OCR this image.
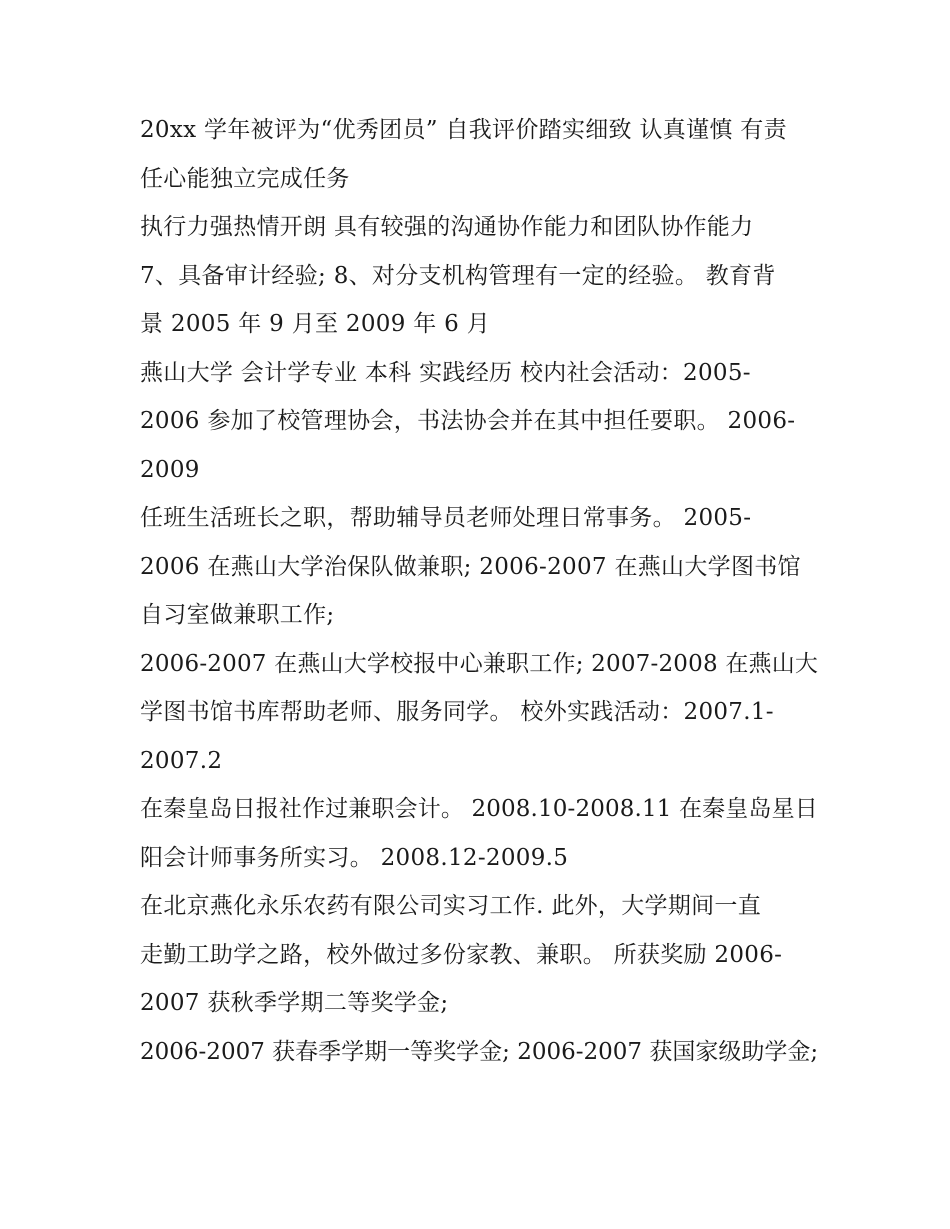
20xx 学年被评为“优秀团员” 自我评价踏实细致 认真谨慎 有责
任心能独立完成任务
执行力强热情开朗 具有较强的沟通协作能力和团队协作能力
7、具备审计经验; 8、对分支机构管理有一定的经验。 教育背
景 2005 年 9 月至 2009 年 6 月
燕山大学 会计学专业 本科 实践经历 校内社会活动：2005-
2006 参加了校管理协会，书法协会并在其中担任要职。 2006-
2009
任班生活班长之职，帮助辅导员老师处理日常事务。 2005-
2006 在燕山大学治保队做兼职; 2006-2007 在燕山大学图书馆
自习室做兼职工作;
2006-2007 在燕山大学校报中心兼职工作; 2007-2008 在燕山大
学图书馆书库帮助老师、服务同学。 校外实践活动：2007.1-
2007.2
在秦皇岛日报社作过兼职会计。 2008.10-2008.11 在秦皇岛星日
阳会计师事务所实习。 2008.12-2009.5
在北京燕化永乐农药有限公司实习工作. 此外，大学期间一直
走勤工助学之路，校外做过多份家教、兼职。 所获奖励 2006-
2007 获秋季学期二等奖学金;
2006-2007 获春季学期一等奖学金; 2006-2007 获国家级助学金;
